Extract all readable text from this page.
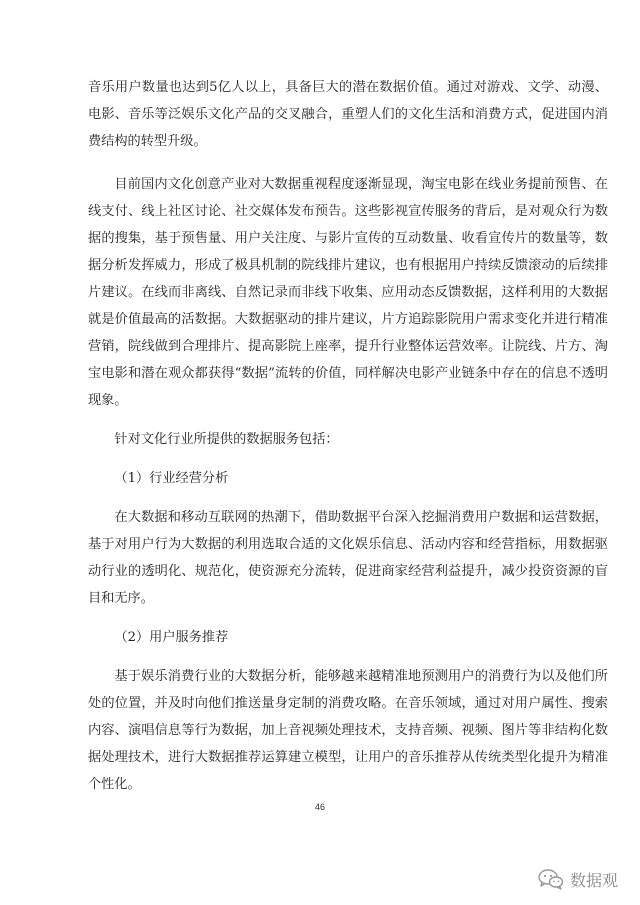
音乐用户数量也达到5亿人以上，具备巨大的潜在数据价值。通过对游戏、文学、动漫、电影、音乐等泛娱乐文化产品的交叉融合，重塑人们的文化生活和消费方式，促进国内消费结构的转型升级。

目前国内文化创意产业对大数据重视程度逐渐显现，淘宝电影在线业务提前预售、在线支付、线上社区讨论、社交媒体发布预告。这些影视宣传服务的背后，是对观众行为数据的搜集，基于预售量、用户关注度、与影片宣传的互动数量、收看宣传片的数量等，数据分析发挥威力，形成了极具机制的院线排片建议，也有根据用户持续反馈滚动的后续排片建议。在线而非离线、自然记录而非线下收集、应用动态反馈数据，这样利用的大数据就是价值最高的活数据。大数据驱动的排片建议，片方追踪影院用户需求变化并进行精准营销，院线做到合理排片、提高影院上座率，提升行业整体运营效率。让院线、片方、淘宝电影和潜在观众都获得“数据”流转的价值，同样解决电影产业链条中存在的信息不透明现象。

针对文化行业所提供的数据服务包括：

（1）行业经营分析

在大数据和移动互联网的热潮下，借助数据平台深入挖掘消费用户数据和运营数据，基于对用户行为大数据的利用选取合适的文化娱乐信息、活动内容和经营指标，用数据驱动行业的透明化、规范化，使资源充分流转，促进商家经营利益提升，减少投资资源的盲目和无序。

（2）用户服务推荐

基于娱乐消费行业的大数据分析，能够越来越精准地预测用户的消费行为以及他们所处的位置，并及时向他们推送量身定制的消费攻略。在音乐领域，通过对用户属性、搜索内容、演唱信息等行为数据，加上音视频处理技术，支持音频、视频、图片等非结构化数据处理技术，进行大数据推荐运算建立模型，让用户的音乐推荐从传统类型化提升为精准个性化。

46
数据观
